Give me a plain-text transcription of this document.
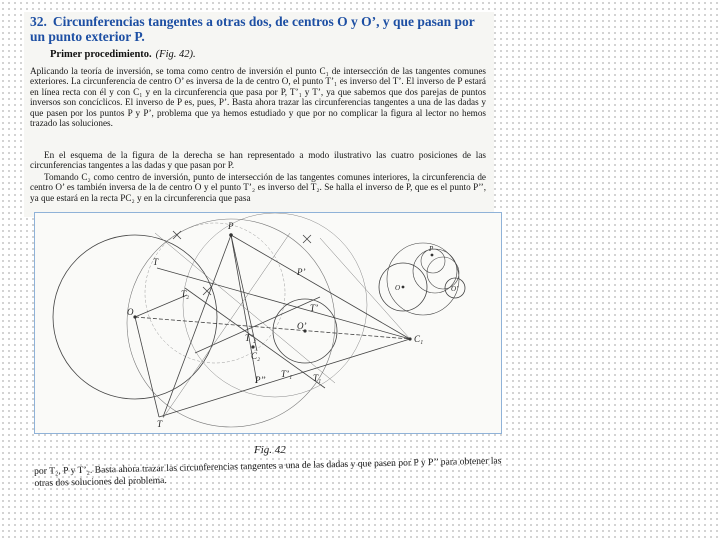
32. Circunferencias tangentes a otras dos, de centros O y O’, y que pasan por un punto exterior P.
Primer procedimiento. (Fig. 42).

Aplicando la teoría de inversión, se toma como centro de inversión el punto C₁ de intersección de las tangentes comunes exteriores. La circunferencia de centro O’ es inversa de la de centro O, el punto T’₁ es inverso del T’. El inverso de P estará en línea recta con él y con C₁ y en la circunferencia que pasa por P, T’₁ y T’, ya que sabemos que dos parejas de puntos inversos son concíclicos. El inverso de P es, pues, P’. Basta ahora trazar las circunferencias tangentes a una de las dadas y que pasen por los puntos P y P’, problema que ya hemos estudiado y que por no complicar la figura al lector no hemos trazado las soluciones.

En el esquema de la figura de la derecha se han representado a modo ilustrativo las cuatro posiciones de las circunferencias tangentes a las dadas y que pasan por P.

Tomando C₂ como centro de inversión, punto de intersección de las tangentes comunes interiores, la circunferencia de centro O’ es también inversa de la de centro O y el punto T’₂ es inverso del T₂. Se halla el inverso de P, que es el punto P’’, ya que estará en la recta PC₂ y en la circunferencia que pasa

P
T
T₂
O
O’
C₁
C₂
P’
P’’	T₁
T’
T’₁
T’₂
T
P
O	O’
Fig. 42

por T₂, P y T’₂. Basta ahora trazar las circunferencias tangentes a una de las dadas y que pasen por P y P’’ para obtener las otras dos soluciones del problema.
